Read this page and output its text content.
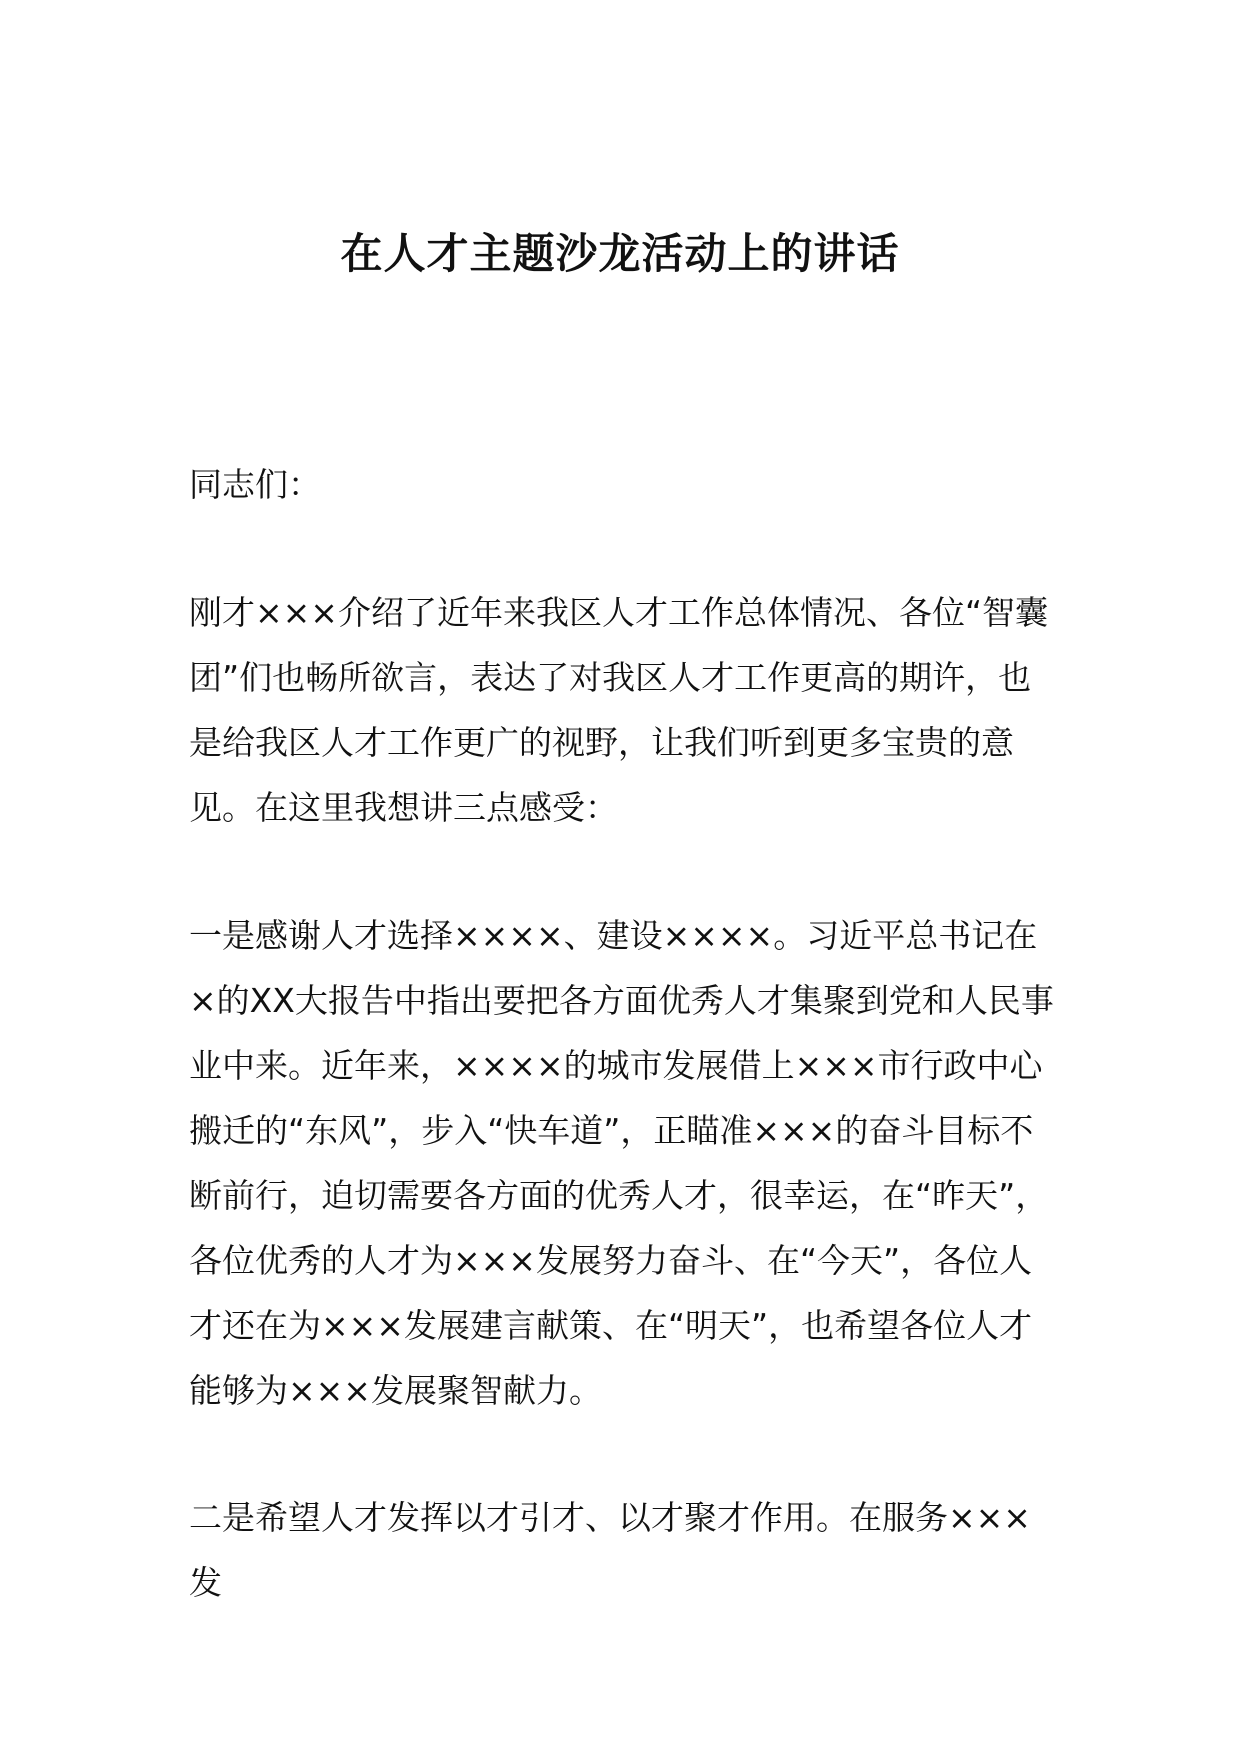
在人才主题沙龙活动上的讲话

同志们：

刚才×××介绍了近年来我区人才工作总体情况、各位“智囊团”们也畅所欲言，表达了对我区人才工作更高的期许，也是给我区人才工作更广的视野，让我们听到更多宝贵的意见。在这里我想讲三点感受：

一是感谢人才选择××××、建设××××。习近平总书记在×的XX大报告中指出要把各方面优秀人才集聚到党和人民事业中来。近年来，××××的城市发展借上×××市行政中心搬迁的“东风”，步入“快车道”，正瞄准×××的奋斗目标不断前行，迫切需要各方面的优秀人才，很幸运，在“昨天”，各位优秀的人才为×××发展努力奋斗、在“今天”，各位人才还在为×××发展建言献策、在“明天”，也希望各位人才能够为×××发展聚智献力。

二是希望人才发挥以才引才、以才聚才作用。在服务×××发
